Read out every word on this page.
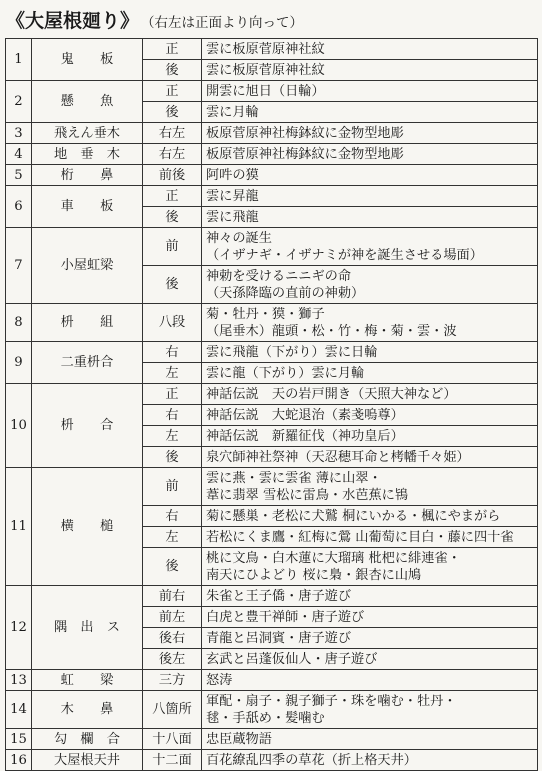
《大屋根廻り》 （右左は正面より向って）
1	鬼　　板	正	雲に板原菅原神社紋

		後	雲に板原菅原神社紋

2	懸　　魚	正	開雲に旭日（日輪）

		後	雲に月輪

3	飛えん垂木	右左	板原菅原神社梅鉢紋に金物型地彫

4	地　垂　木	右左	板原菅原神社梅鉢紋に金物型地彫

5	桁　　鼻	前後	阿吽の獏

6	車　　板	正	雲に昇龍

		後	雲に飛龍

7	小屋虹梁	前	神々の誕生
（イザナギ・イザナミが神を誕生させる場面）

		後	神勅を受けるニニギの命
（天孫降臨の直前の神勅）

8	枡　　組	八段	菊・牡丹・獏・獅子
（尾垂木）龍頭・松・竹・梅・菊・雲・波

9	二重枡合	右	雲に飛龍（下がり）雲に日輪

		左	雲に龍（下がり）雲に月輪

10	枡　　合	正	神話伝説　天の岩戸開き（天照大神など）

		右	神話伝説　大蛇退治（素戔嗚尊）

		左	神話伝説　新羅征伐（神功皇后）

		後	泉穴師神社祭神（天忍穂耳命と栲幡千々姫）

11	横　　槌	前	雲に燕・雲に雲雀 薄に山翠・
葦に翡翠 雪松に雷鳥・水芭蕉に鴇

		右	菊に懸巣・老松に犬鷲 桐にいかる・楓にやまがら

		左	若松にくま鷹・紅梅に鶯 山葡萄に目白・藤に四十雀

		後	桃に文鳥・白木蓮に大瑠璃 枇杷に緋連雀・
南天にひよどり 桜に梟・銀杏に山鳩

12	隅　出　ス	前右	朱雀と王子僑・唐子遊び

		前左	白虎と豊干禅師・唐子遊び

		後右	青龍と呂洞賓・唐子遊び

		後左	玄武と呂蓬仮仙人・唐子遊び

13	虹　　梁	三方	怒涛

14	木　　鼻	八箇所	軍配・扇子・親子獅子・珠を噛む・牡丹・
毬・手舐め・髪噛む

15	勾　欄　合	十八面	忠臣蔵物語

16	大屋根天井	十二面	百花繚乱四季の草花（折上格天井）
